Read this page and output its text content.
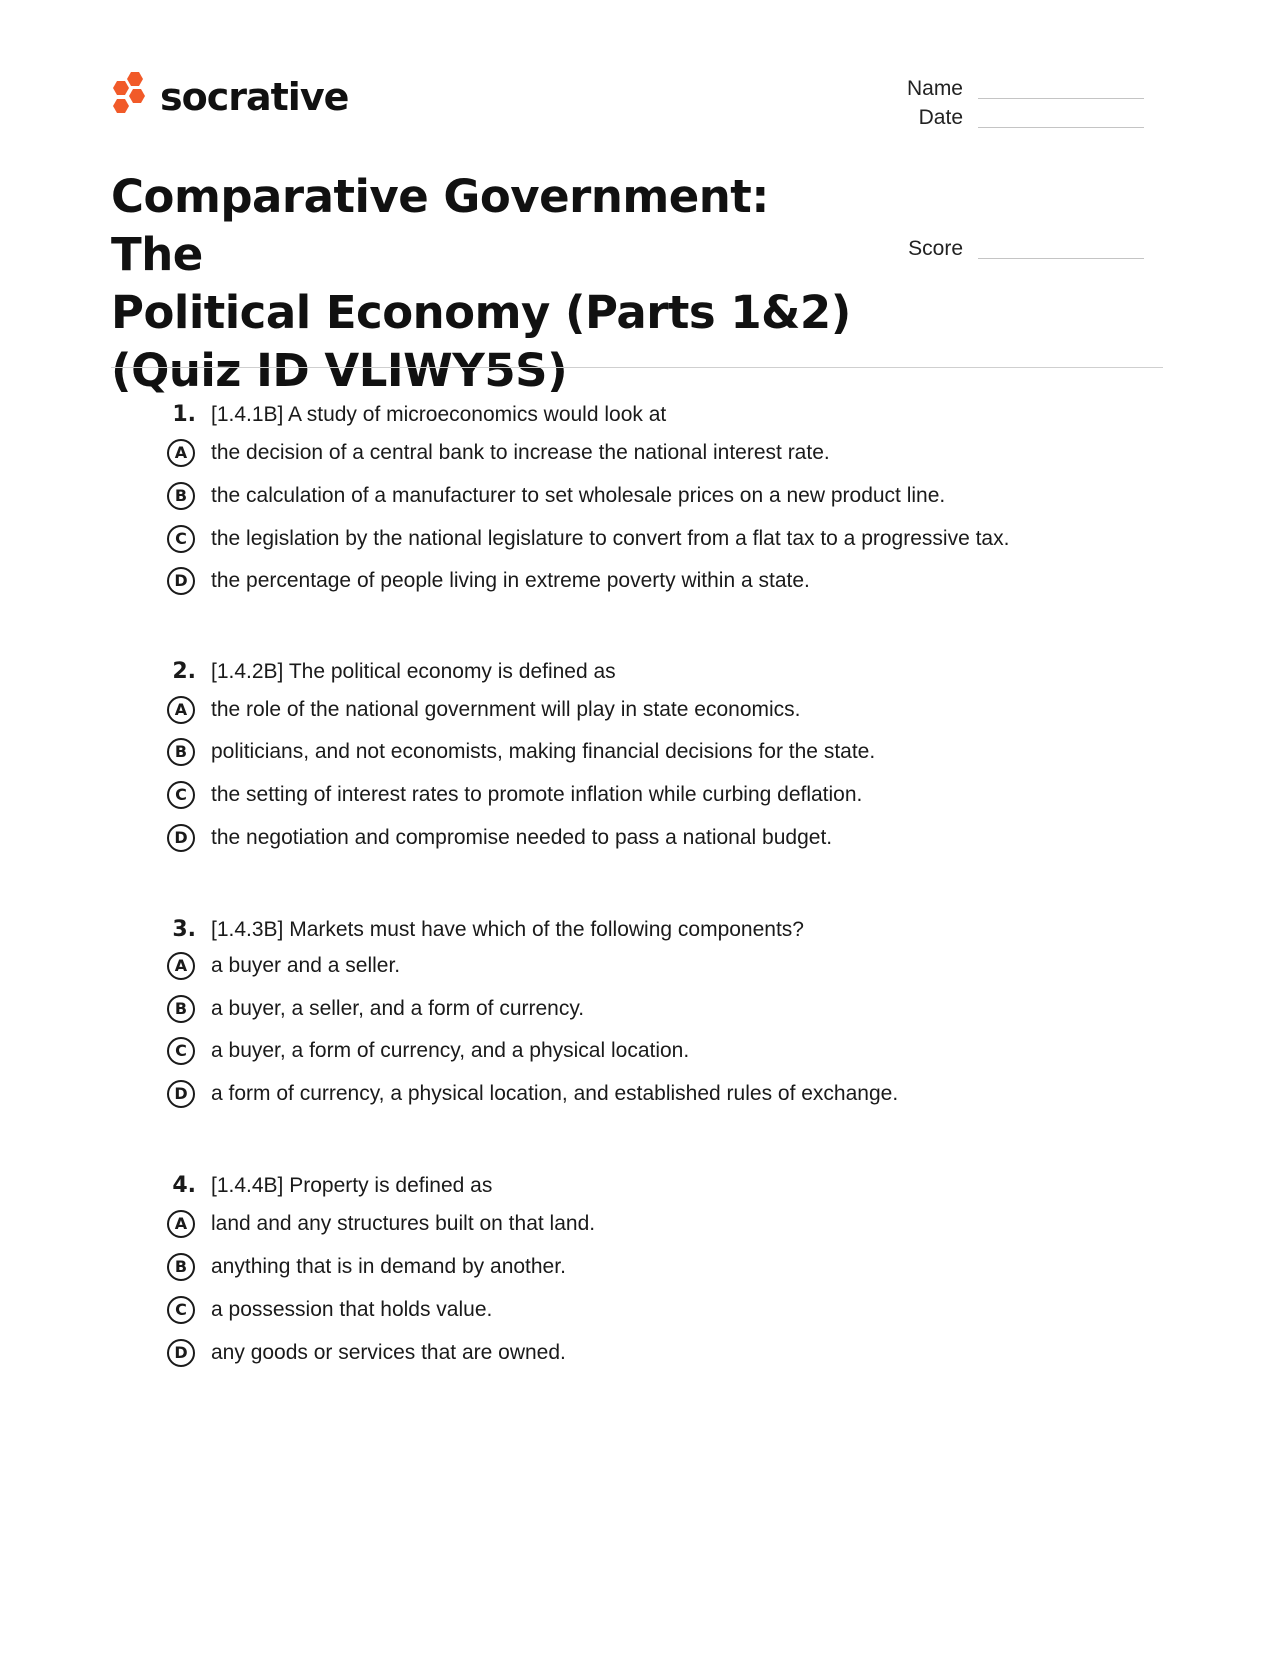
socrative	Name
Date
Score
Comparative Government: The
Political Economy (Parts 1&2)
(Quiz ID VLIWY5S)
1. [1.4.1B] A study of microeconomics would look at
A	the decision of a central bank to increase the national interest rate.
B	the calculation of a manufacturer to set wholesale prices on a new product line.
C	the legislation by the national legislature to convert from a flat tax to a progressive tax.
D	the percentage of people living in extreme poverty within a state.
2. [1.4.2B] The political economy is defined as
A	the role of the national government will play in state economics.
B	politicians, and not economists, making financial decisions for the state.
C	the setting of interest rates to promote inflation while curbing deflation.
D	the negotiation and compromise needed to pass a national budget.
3. [1.4.3B] Markets must have which of the following components?
A	a buyer and a seller.
B	a buyer, a seller, and a form of currency.
C	a buyer, a form of currency, and a physical location.
D	a form of currency, a physical location, and established rules of exchange.
4. [1.4.4B] Property is defined as
A	land and any structures built on that land.
B	anything that is in demand by another.
C	a possession that holds value.
D	any goods or services that are owned.
